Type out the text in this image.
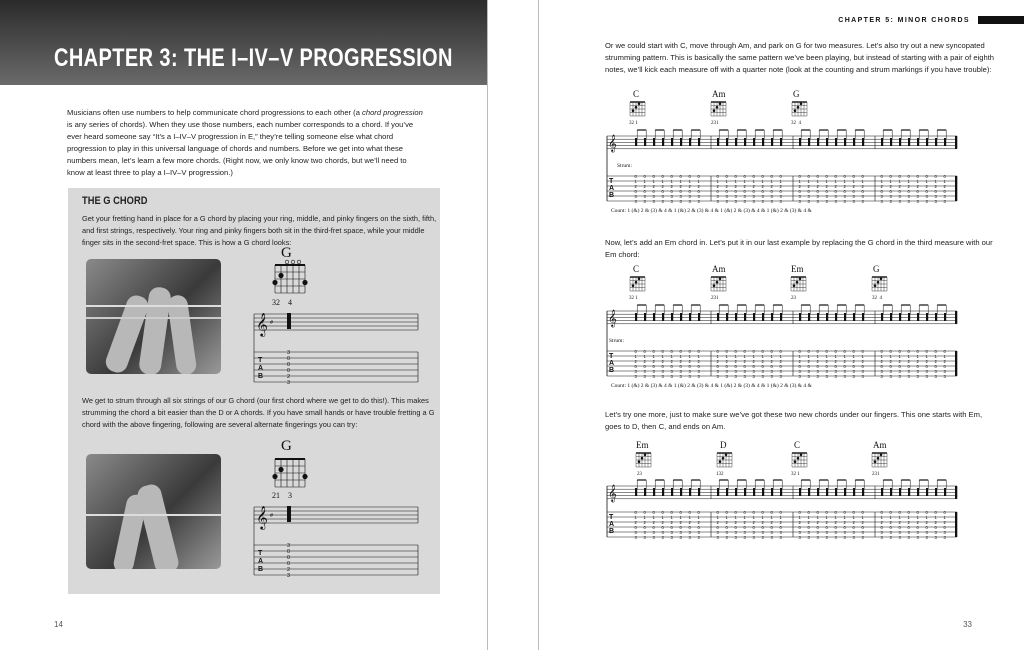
CHAPTER 3: THE I–IV–V PROGRESSION
Musicians often use numbers to help communicate chord progressions to each other (a chord progression is any series of chords). When they use those numbers, each number corresponds to a chord. If you’ve ever heard someone say “It’s a I–IV–V progression in E,” they’re telling someone else what chord progression to play in this universal language of chords and numbers. Before we get into what these numbers mean, let’s learn a few more chords. (Right now, we only know two chords, but we’ll need to know at least three to play a I–IV–V progression.)
THE G CHORD
Get your fretting hand in place for a G chord by placing your ring, middle, and pinky fingers on the sixth, fifth, and first strings, respectively. Your ring and pinky fingers both sit in the third-fret space, while your middle finger sits in the second-fret space. This is how a G chord looks:
G
32    4
𝄞 #
T
A
B
3
0
0
0
2
3
We get to strum through all six strings of our G chord (our first chord where we get to do this!). This makes strumming the chord a bit easier than the D or A chords. If you have small hands or have trouble fretting a G chord with the above fingering, following are several alternate fingerings you can try:
G
21    3
𝄞 #
T
A
B
3
0
0
0
2
3
14
CHAPTER 5: MINOR CHORDS
Or we could start with C, move through Am, and park on G for two measures. Let’s also try out a new syncopated strumming pattern. This is basically the same pattern we’ve been playing, but instead of starting with a pair of eighth notes, we’ll kick each measure off with a quarter note (look at the counting and strum markings if you have trouble):
Now, let’s add an Em chord in. Let’s put it in our last example by replacing the G chord in the third measure with our Em chord:
Let’s try one more, just to make sure we’ve got these two new chords under our fingers. This one starts with Em, goes to D, then C, and ends on Am.
C	Am	G
32 1	231	32  4
𝄞
T
A
B
0
1
2
0
3
3
0
1
2
0
3
3
0
1
2
0
3
3
0
1
2
0
3
3
0
1
2
0
3
3
0
1
2
0
3
3
0
1
2
0
3
3
0
1
2
0
3
3
0
1
2
0
3
3
0
1
2
0
3
3
0
1
2
0
3
3
0
1
2
0
3
3
0
1
2
0
3
3
0
1
2
0
3
3
0
1
2
0
3
3
0
1
2
0
3
3
0
1
2
0
3
3
0
1
2
0
3
3
0
1
2
0
3
3
0
1
2
0
3
3
0
1
2
0
3
3
0
1
2
0
3
3
0
1
2
0
3
3
0
1
2
0
3
3
0
1
2
0
3
3
0
1
2
0
3
3
0
1
2
0
3
3
0
1
2
0
3
3
0
1
2
0
3
3
0
1
2
0
3
3
0
1
2
0
3
3
0
1
2
0
3
3
Strum:
Count: 1 (&) 2 & (3) & 4 & 1 (&) 2 & (3) & 4 & 1 (&) 2 & (3) & 4 & 1 (&) 2 & (3) & 4 &
C	Am	Em	G
32 1	231	23	32  4
𝄞
T
A
B
0
1
2
0
3
3
0
1
2
0
3
3
0
1
2
0
3
3
0
1
2
0
3
3
0
1
2
0
3
3
0
1
2
0
3
3
0
1
2
0
3
3
0
1
2
0
3
3
0
1
2
0
3
3
0
1
2
0
3
3
0
1
2
0
3
3
0
1
2
0
3
3
0
1
2
0
3
3
0
1
2
0
3
3
0
1
2
0
3
3
0
1
2
0
3
3
0
1
2
0
3
3
0
1
2
0
3
3
0
1
2
0
3
3
0
1
2
0
3
3
0
1
2
0
3
3
0
1
2
0
3
3
0
1
2
0
3
3
0
1
2
0
3
3
0
1
2
0
3
3
0
1
2
0
3
3
0
1
2
0
3
3
0
1
2
0
3
3
0
1
2
0
3
3
0
1
2
0
3
3
0
1
2
0
3
3
0
1
2
0
3
3
Strum:
Count: 1 (&) 2 & (3) & 4 & 1 (&) 2 & (3) & 4 & 1 (&) 2 & (3) & 4 & 1 (&) 2 & (3) & 4 &
Em	D	C	Am
23	132	32 1	231
𝄞
T
A
B
0
1
2
0
3
3
0
1
2
0
3
3
0
1
2
0
3
3
0
1
2
0
3
3
0
1
2
0
3
3
0
1
2
0
3
3
0
1
2
0
3
3
0
1
2
0
3
3
0
1
2
0
3
3
0
1
2
0
3
3
0
1
2
0
3
3
0
1
2
0
3
3
0
1
2
0
3
3
0
1
2
0
3
3
0
1
2
0
3
3
0
1
2
0
3
3
0
1
2
0
3
3
0
1
2
0
3
3
0
1
2
0
3
3
0
1
2
0
3
3
0
1
2
0
3
3
0
1
2
0
3
3
0
1
2
0
3
3
0
1
2
0
3
3
0
1
2
0
3
3
0
1
2
0
3
3
0
1
2
0
3
3
0
1
2
0
3
3
0
1
2
0
3
3
0
1
2
0
3
3
0
1
2
0
3
3
0
1
2
0
3
3
33
